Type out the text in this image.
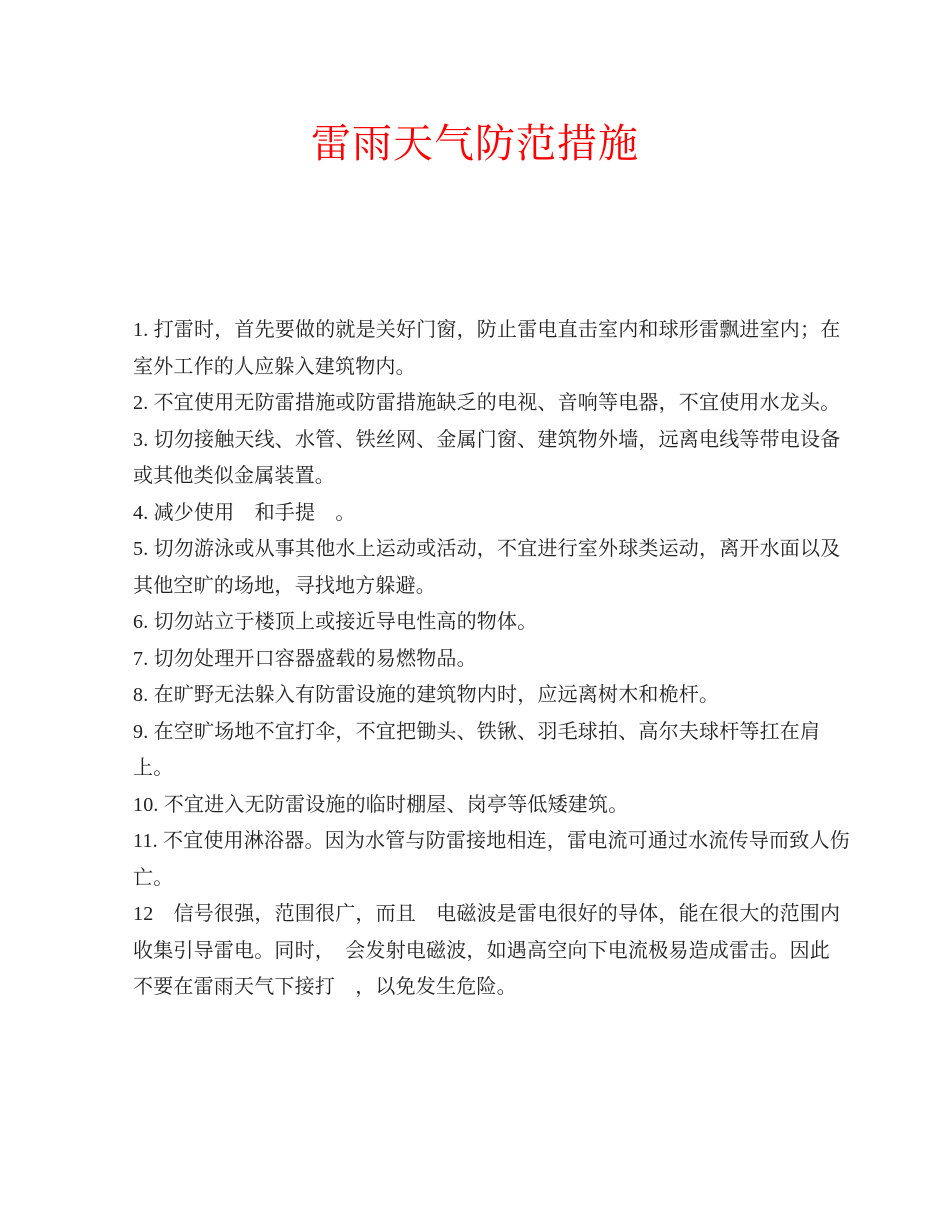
雷雨天气防范措施

1. 打雷时，首先要做的就是关好门窗，防止雷电直击室内和球形雷飘进室内；在
室外工作的人应躲入建筑物内。

2. 不宜使用无防雷措施或防雷措施缺乏的电视、音响等电器，不宜使用水龙头。

3. 切勿接触天线、水管、铁丝网、金属门窗、建筑物外墙，远离电线等带电设备
或其他类似金属装置。

4. 减少使用　和手提　。

5. 切勿游泳或从事其他水上运动或活动，不宜进行室外球类运动，离开水面以及
其他空旷的场地，寻找地方躲避。

6. 切勿站立于楼顶上或接近导电性高的物体。

7. 切勿处理开口容器盛载的易燃物品。

8. 在旷野无法躲入有防雷设施的建筑物内时，应远离树木和桅杆。

9. 在空旷场地不宜打伞，不宜把锄头、铁锹、羽毛球拍、高尔夫球杆等扛在肩
上。

10. 不宜进入无防雷设施的临时棚屋、岗亭等低矮建筑。

11. 不宜使用淋浴器。因为水管与防雷接地相连，雷电流可通过水流传导而致人伤
亡。

12　信号很强，范围很广，而且　电磁波是雷电很好的导体，能在很大的范围内
收集引导雷电。同时，　会发射电磁波，如遇高空向下电流极易造成雷击。因此
不要在雷雨天气下接打　，以免发生危险。
